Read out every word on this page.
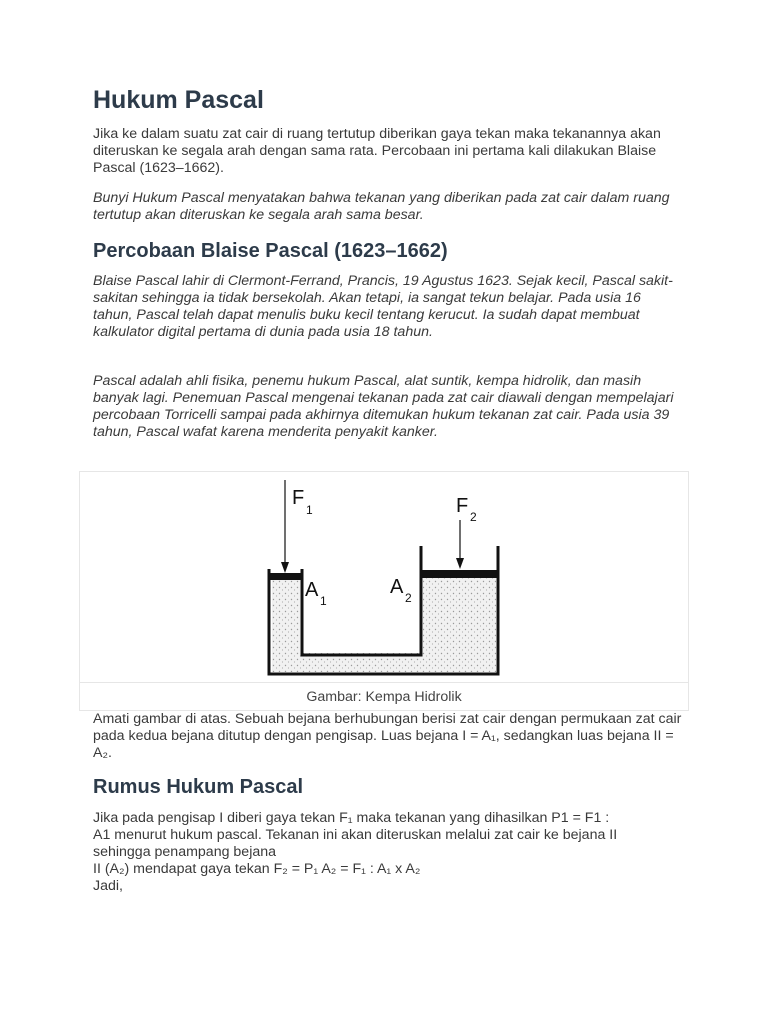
Hukum Pascal

Jika ke dalam suatu zat cair di ruang tertutup diberikan gaya tekan maka tekanannya akan diteruskan ke segala arah dengan sama rata. Percobaan ini pertama kali dilakukan Blaise Pascal (1623–1662).

Bunyi Hukum Pascal menyatakan bahwa tekanan yang diberikan pada zat cair dalam ruang tertutup akan diteruskan ke segala arah sama besar.

Percobaan Blaise Pascal (1623–1662)

Blaise Pascal lahir di Clermont-Ferrand, Prancis, 19 Agustus 1623. Sejak kecil, Pascal sakit-sakitan sehingga ia tidak bersekolah. Akan tetapi, ia sangat tekun belajar. Pada usia 16 tahun, Pascal telah dapat menulis buku kecil tentang kerucut. Ia sudah dapat membuat kalkulator digital pertama di dunia pada usia 18 tahun.

Pascal adalah ahli fisika, penemu hukum Pascal, alat suntik, kempa hidrolik, dan masih banyak lagi. Penemuan Pascal mengenai tekanan pada zat cair diawali dengan mempelajari percobaan Torricelli sampai pada akhirnya ditemukan hukum tekanan zat cair. Pada usia 39 tahun, Pascal wafat karena menderita penyakit kanker.

F
1	F 2
A 1
A 2
Gambar: Kempa Hidrolik

Amati gambar di atas. Sebuah bejana berhubungan berisi zat cair dengan permukaan zat cair pada kedua bejana ditutup dengan pengisap. Luas bejana I = A₁, sedangkan luas bejana II = A₂.

Rumus Hukum Pascal

Jika pada pengisap I diberi gaya tekan F₁ maka tekanan yang dihasilkan P1 = F1 :

A1 menurut hukum pascal. Tekanan ini akan diteruskan melalui zat cair ke bejana II

sehingga penampang bejana

II (A₂) mendapat gaya tekan F₂ = P₁ A₂ = F₁ : A₁ x A₂

Jadi,
